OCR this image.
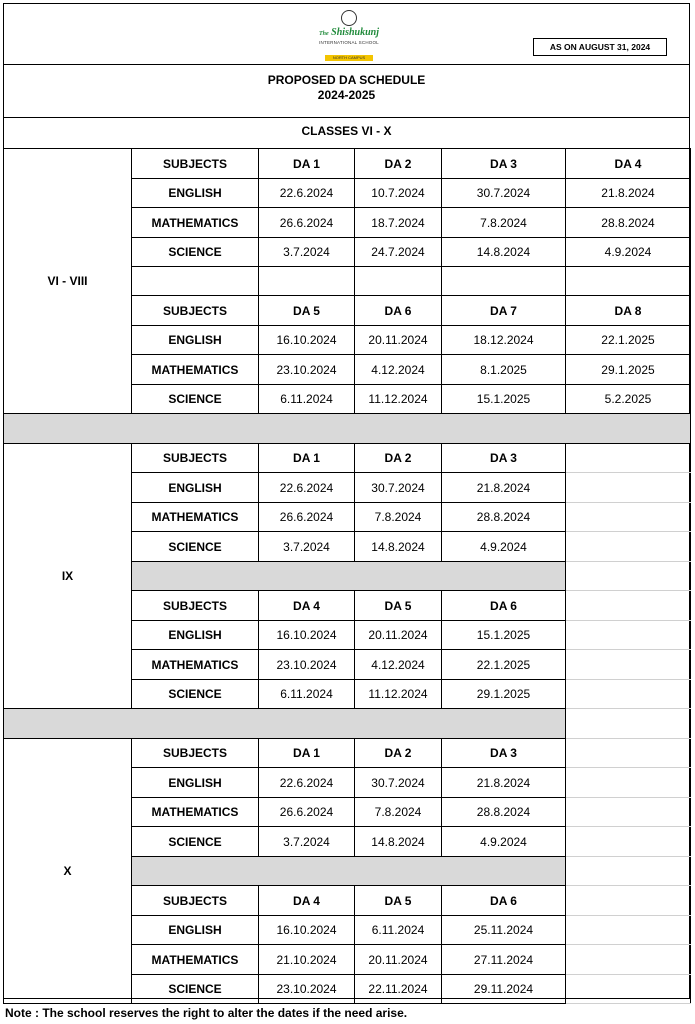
The Shishukunj
INTERNATIONAL SCHOOL
NORTH CAMPUS
AS ON AUGUST 31, 2024
PROPOSED DA SCHEDULE
2024-2025
CLASSES VI - X
VI - VIII	SUBJECTS	DA 1	DA 2	DA 3	DA 4
	ENGLISH	22.6.2024	10.7.2024	30.7.2024	21.8.2024
	MATHEMATICS	26.6.2024	18.7.2024	7.8.2024	28.8.2024
	SCIENCE	3.7.2024	24.7.2024	14.8.2024	4.9.2024

	SUBJECTS	DA 5	DA 6	DA 7	DA 8
	ENGLISH	16.10.2024	20.11.2024	18.12.2024	22.1.2025
	MATHEMATICS	23.10.2024	4.12.2024	8.1.2025	29.1.2025
	SCIENCE	6.11.2024	11.12.2024	15.1.2025	5.2.2025

IX	SUBJECTS	DA 1	DA 2	DA 3	
	ENGLISH	22.6.2024	30.7.2024	21.8.2024	
	MATHEMATICS	26.6.2024	7.8.2024	28.8.2024	
	SCIENCE	3.7.2024	14.8.2024	4.9.2024	

	SUBJECTS	DA 4	DA 5	DA 6	
	ENGLISH	16.10.2024	20.11.2024	15.1.2025	
	MATHEMATICS	23.10.2024	4.12.2024	22.1.2025	
	SCIENCE	6.11.2024	11.12.2024	29.1.2025	

X	SUBJECTS	DA 1	DA 2	DA 3	
	ENGLISH	22.6.2024	30.7.2024	21.8.2024	
	MATHEMATICS	26.6.2024	7.8.2024	28.8.2024	
	SCIENCE	3.7.2024	14.8.2024	4.9.2024	

	SUBJECTS	DA 4	DA 5	DA 6	
	ENGLISH	16.10.2024	6.11.2024	25.11.2024	
	MATHEMATICS	21.10.2024	20.11.2024	27.11.2024	
	SCIENCE	23.10.2024	22.11.2024	29.11.2024	
Note : The school reserves the right to alter the dates if the need arise.
